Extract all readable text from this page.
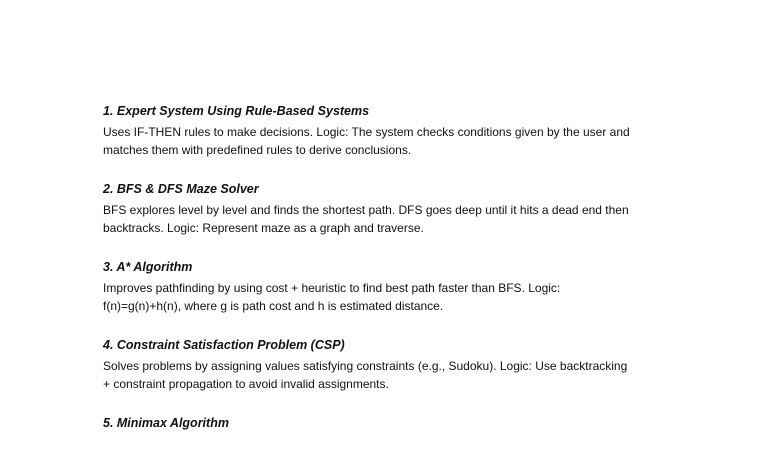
1. Expert System Using Rule-Based Systems

Uses IF-THEN rules to make decisions. Logic: The system checks conditions given by the user and
matches them with predefined rules to derive conclusions.

2. BFS & DFS Maze Solver

BFS explores level by level and finds the shortest path. DFS goes deep until it hits a dead end then
backtracks. Logic: Represent maze as a graph and traverse.

3. A* Algorithm

Improves pathfinding by using cost + heuristic to find best path faster than BFS. Logic:
f(n)=g(n)+h(n), where g is path cost and h is estimated distance.

4. Constraint Satisfaction Problem (CSP)

Solves problems by assigning values satisfying constraints (e.g., Sudoku). Logic: Use backtracking
+ constraint propagation to avoid invalid assignments.

5. Minimax Algorithm
